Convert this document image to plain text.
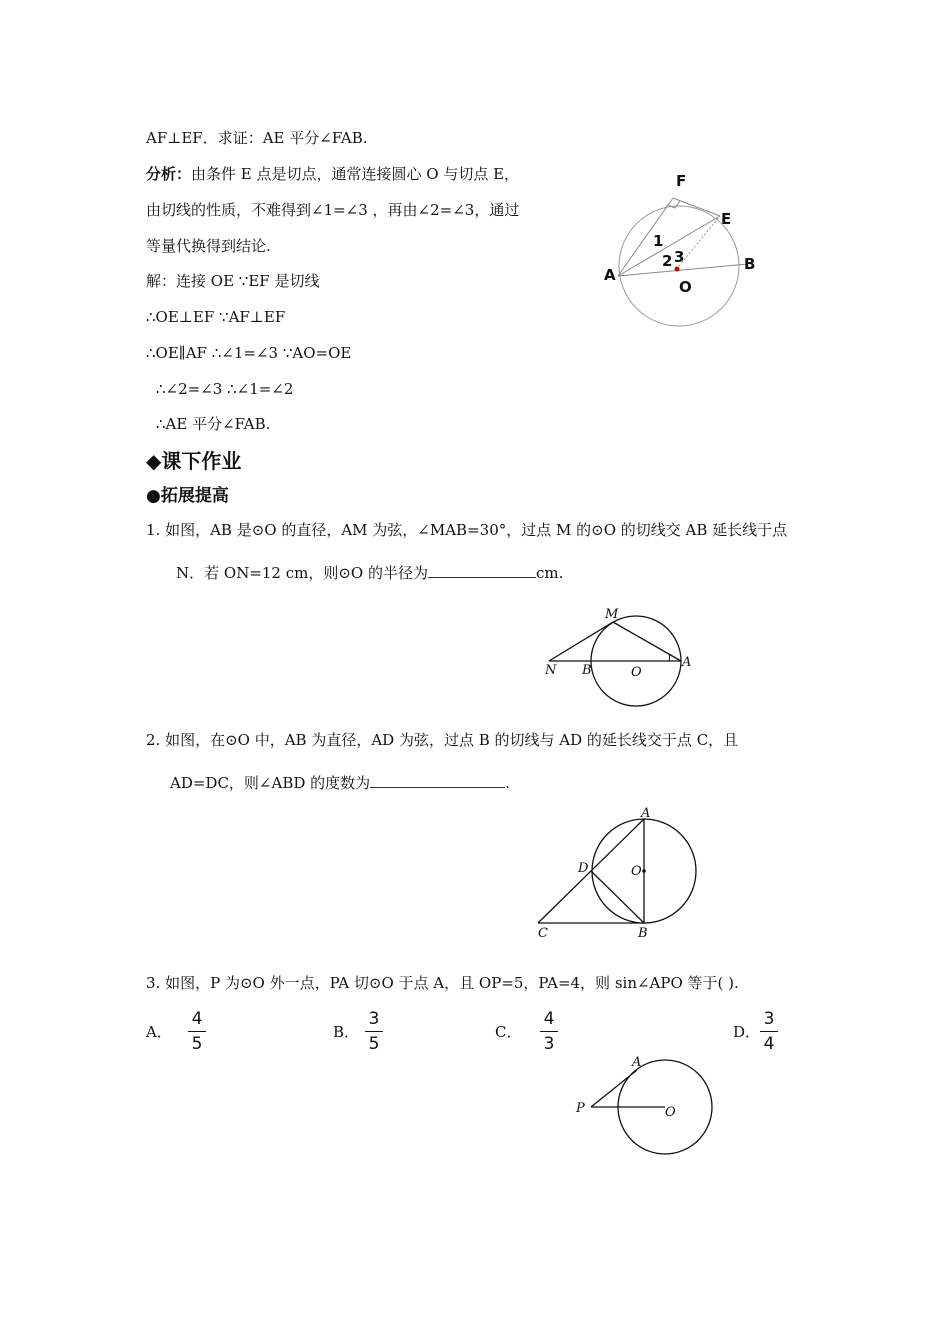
AF⊥EF．求证：AE 平分∠FAB.
分析：由条件 E 点是切点，通常连接圆心 O 与切点 E，
由切线的性质，不难得到∠1=∠3 ，再由∠2=∠3，通过
等量代换得到结论.
解：连接 OE ∵EF 是切线
∴OE⊥EF ∵AF⊥EF
∴OE∥AF ∴∠1=∠3 ∵AO=OE
∴∠2=∠3 ∴∠1=∠2
∴AE 平分∠FAB.
F
E
A
B
O
1
2 3
◆课下作业
●拓展提高
1. 如图，AB 是⊙O 的直径，AM 为弦，∠MAB=30°，过点 M 的⊙O 的切线交 AB 延长线于点
N．若 ON=12 cm，则⊙O 的半径为	cm.
M
N B	O
A
2. 如图，在⊙O 中，AB 为直径，AD 为弦，过点 B 的切线与 AD 的延长线交于点 C，且
AD=DC，则∠ABD 的度数为	.
A
D	O
C	B
3. 如图，P 为⊙O 外一点，PA 切⊙O 于点 A，且 OP=5，PA=4，则 sin∠APO 等于( ).
A．
4
5
B．
3
5
C．
4
3
D．
3
4
A
P	O
